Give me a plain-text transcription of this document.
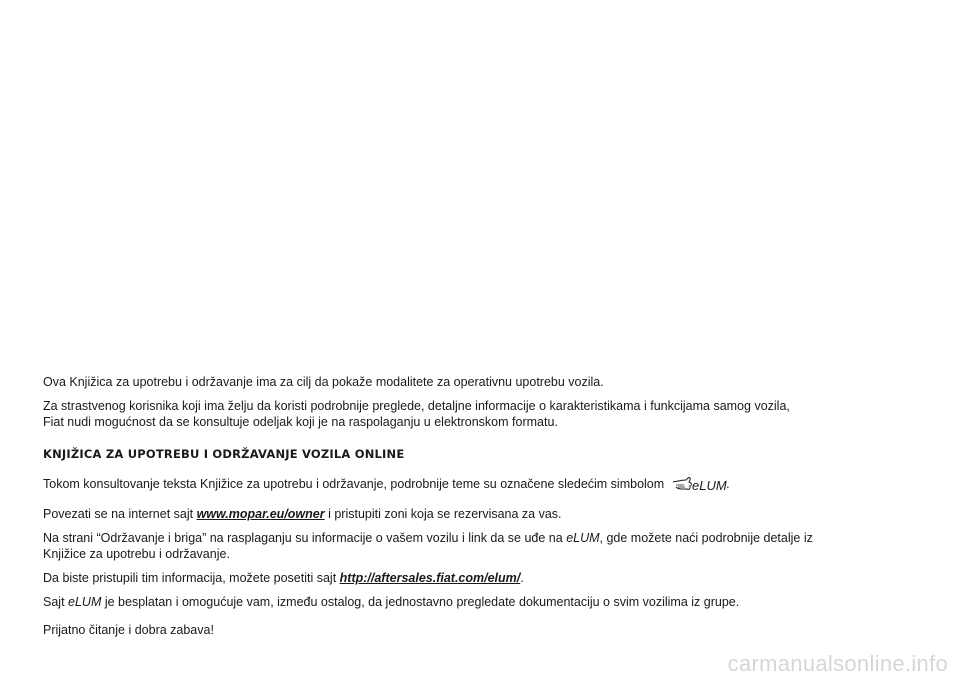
Ova Knjižica za upotrebu i održavanje ima za cilj da pokaže modalitete za operativnu upotrebu vozila.

Za strastvenog korisnika koji ima želju da koristi podrobnije preglede, detaljne informacije o karakteristikama i funkcijama samog vozila,
Fiat nudi mogućnost da se konsultuje odeljak koji je na raspolaganju u elektronskom formatu.

KNJIŽICA ZA UPOTREBU I ODRŽAVANJE VOZILA ONLINE

Tokom konsultovanje teksta Knjižice za upotrebu i održavanje, podrobnije teme su označene sledećim simbolom eLUM .

Povezati se na internet sajt www.mopar.eu/owner i pristupiti zoni koja se rezervisana za vas.

Na strani “Održavanje i briga” na rasplaganju su informacije o vašem vozilu i link da se uđe na eLUM, gde možete naći podrobnije detalje iz
Knjižice za upotrebu i održavanje.

Da biste pristupili tim informacija, možete posetiti sajt http://aftersales.fiat.com/elum/.

Sajt eLUM je besplatan i omogućuje vam, između ostalog, da jednostavno pregledate dokumentaciju o svim vozilima iz grupe.

Prijatno čitanje i dobra zabava!

carmanualsonline.info
